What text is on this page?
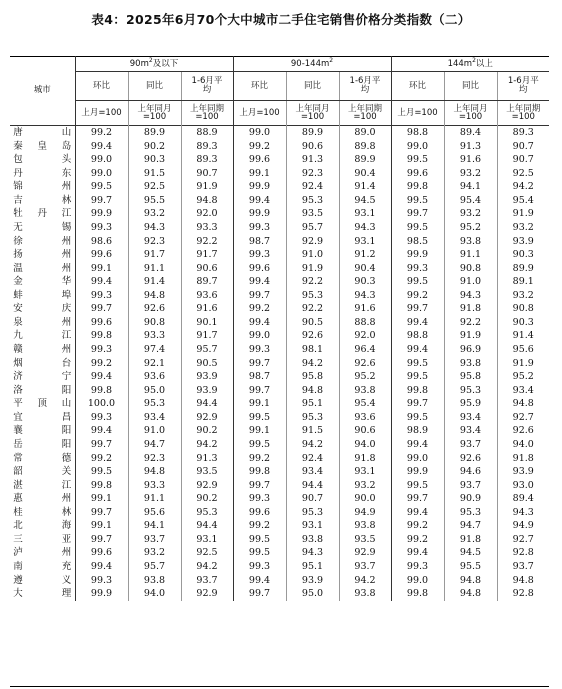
表4：2025年6月70个大中城市二手住宅销售价格分类指数（二）
城市	$90m^2$及以下			$90-144m^2$			$144m^2$以上		
	环比	同比	1-6月平均	环比	同比	1-6月平均	环比	同比	1-6月平均
	上月=100	上年同月=100	上年同期=100	上月=100	上年同月=100	上年同期=100	上月=100	上年同月=100	上年同期=100
唐山	99.2	89.9	88.9	99.0	89.9	89.0	98.8	89.4	89.3
秦皇岛	99.4	90.2	89.3	99.2	90.6	89.8	99.0	91.3	90.7
包头	99.0	90.3	89.3	99.6	91.3	89.9	99.5	91.6	90.7
丹东	99.0	91.5	90.7	99.1	92.3	90.4	99.6	93.2	92.5
锦州	99.5	92.5	91.9	99.9	92.4	91.4	99.8	94.1	94.2
吉林	99.7	95.5	94.8	99.4	95.3	94.5	99.5	95.4	95.4
牡丹江	99.9	93.2	92.0	99.9	93.5	93.1	99.7	93.2	91.9
无锡	99.3	94.3	93.3	99.3	95.7	94.3	99.5	95.2	93.2
徐州	98.6	92.3	92.2	98.7	92.9	93.1	98.5	93.8	93.9
扬州	99.6	91.7	91.7	99.3	91.0	91.2	99.9	91.1	90.3
温州	99.1	91.1	90.6	99.6	91.9	90.4	99.3	90.8	89.9
金华	99.4	91.4	89.7	99.4	92.2	90.3	99.5	91.0	89.1
蚌埠	99.3	94.8	93.6	99.7	95.3	94.3	99.2	94.3	93.2
安庆	99.7	92.6	91.6	99.2	92.2	91.6	99.7	91.8	90.8
泉州	99.6	90.8	90.1	99.4	90.5	88.8	99.4	92.2	90.3
九江	99.8	93.3	91.7	99.0	92.6	92.0	98.8	91.9	91.4
赣州	99.3	97.4	95.7	99.3	98.1	96.4	99.4	96.9	95.6
烟台	99.2	92.1	90.5	99.7	94.2	92.6	99.5	93.8	91.9
济宁	99.4	93.6	93.9	98.7	95.8	95.2	99.5	95.8	95.2
洛阳	99.8	95.0	93.9	99.7	94.8	93.8	99.8	95.3	93.4
平顶山	100.0	95.3	94.4	99.1	95.1	95.4	99.7	95.9	94.8
宜昌	99.3	93.4	92.9	99.5	95.3	93.6	99.5	93.4	92.7
襄阳	99.4	91.0	90.2	99.1	91.5	90.6	98.9	93.4	92.6
岳阳	99.7	94.7	94.2	99.5	94.2	94.0	99.4	93.7	94.0
常德	99.2	92.3	91.3	99.2	92.4	91.8	99.0	92.6	91.8
韶关	99.5	94.8	93.5	99.8	93.4	93.1	99.9	94.6	93.9
湛江	99.8	93.3	92.9	99.7	94.4	93.2	99.5	93.7	93.0
惠州	99.1	91.1	90.2	99.3	90.7	90.0	99.7	90.9	89.4
桂林	99.7	95.6	95.3	99.6	95.3	94.9	99.4	95.3	94.3
北海	99.1	94.1	94.4	99.2	93.1	93.8	99.2	94.7	94.9
三亚	99.7	93.7	93.1	99.5	93.8	93.5	99.2	91.8	92.7
泸州	99.6	93.2	92.5	99.5	94.3	92.9	99.4	94.5	92.8
南充	99.4	95.7	94.2	99.3	95.1	93.7	99.3	95.5	93.7
遵义	99.3	93.8	93.7	99.4	93.9	94.2	99.0	94.8	94.8
大理	99.9	94.0	92.9	99.7	95.0	93.8	99.8	94.8	92.8
